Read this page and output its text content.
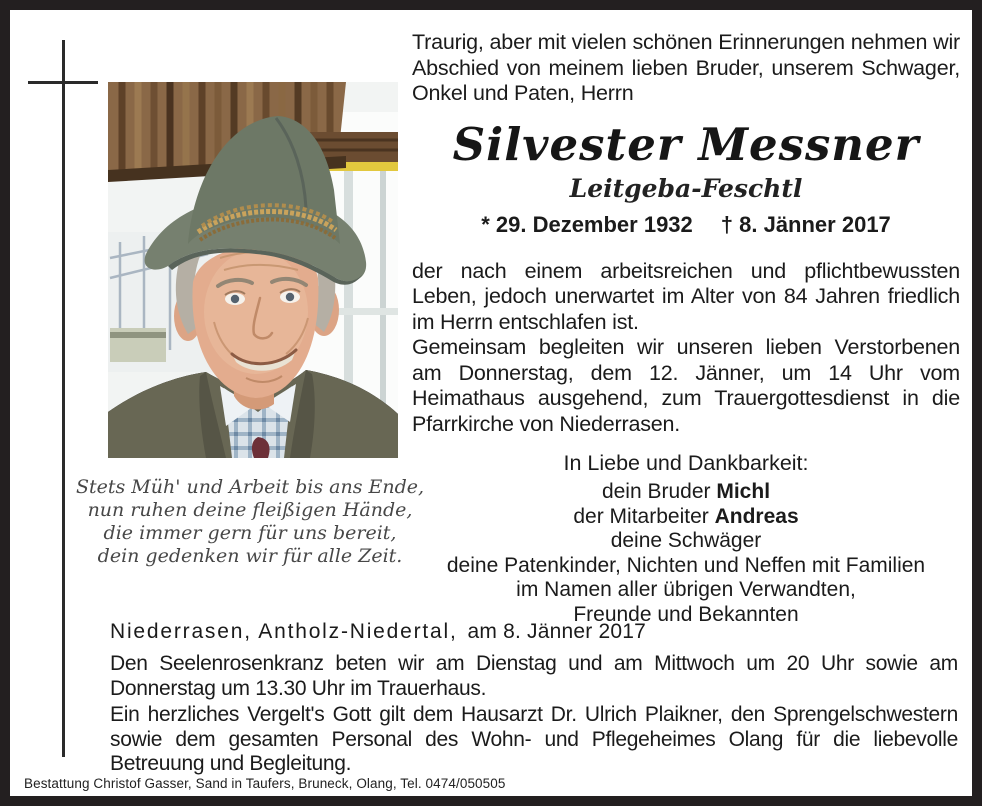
Stets Müh' und Arbeit bis ans Ende,
nun ruhen deine fleißigen Hände,
die immer gern für uns bereit,
dein gedenken wir für alle Zeit.

Traurig, aber mit vielen schönen Erinnerungen nehmen wir Abschied von meinem lieben Bruder, unserem Schwager, Onkel und Paten, Herrn

Silvester Messner
Leitgeba-Feschtl
* 29. Dezember 1932 † 8. Jänner 2017

der nach einem arbeitsreichen und pflichtbewussten Leben, jedoch unerwartet im Alter von 84 Jahren friedlich im Herrn entschlafen ist.

Gemeinsam begleiten wir unseren lieben Verstorbenen am Donnerstag, dem 12. Jänner, um 14 Uhr vom Heimathaus ausgehend, zum Trauergottesdienst in die Pfarrkirche von Niederrasen.

In Liebe und Dankbarkeit:
dein Bruder Michl
der Mitarbeiter Andreas
deine Schwäger
deine Patenkinder, Nichten und Neffen mit Familien
im Namen aller übrigen Verwandten,
Freunde und Bekannten
Niederrasen, Antholz-Niedertal, am 8. Jänner 2017

Den Seelenrosenkranz beten wir am Dienstag und am Mittwoch um 20 Uhr sowie am Donnerstag um 13.30 Uhr im Trauerhaus.

Ein herzliches Vergelt's Gott gilt dem Hausarzt Dr. Ulrich Plaikner, den Sprengelschwestern sowie dem gesamten Personal des Wohn- und Pflegeheimes Olang für die liebevolle Betreuung und Begleitung.

Bestattung Christof Gasser, Sand in Taufers, Bruneck, Olang, Tel. 0474/050505
